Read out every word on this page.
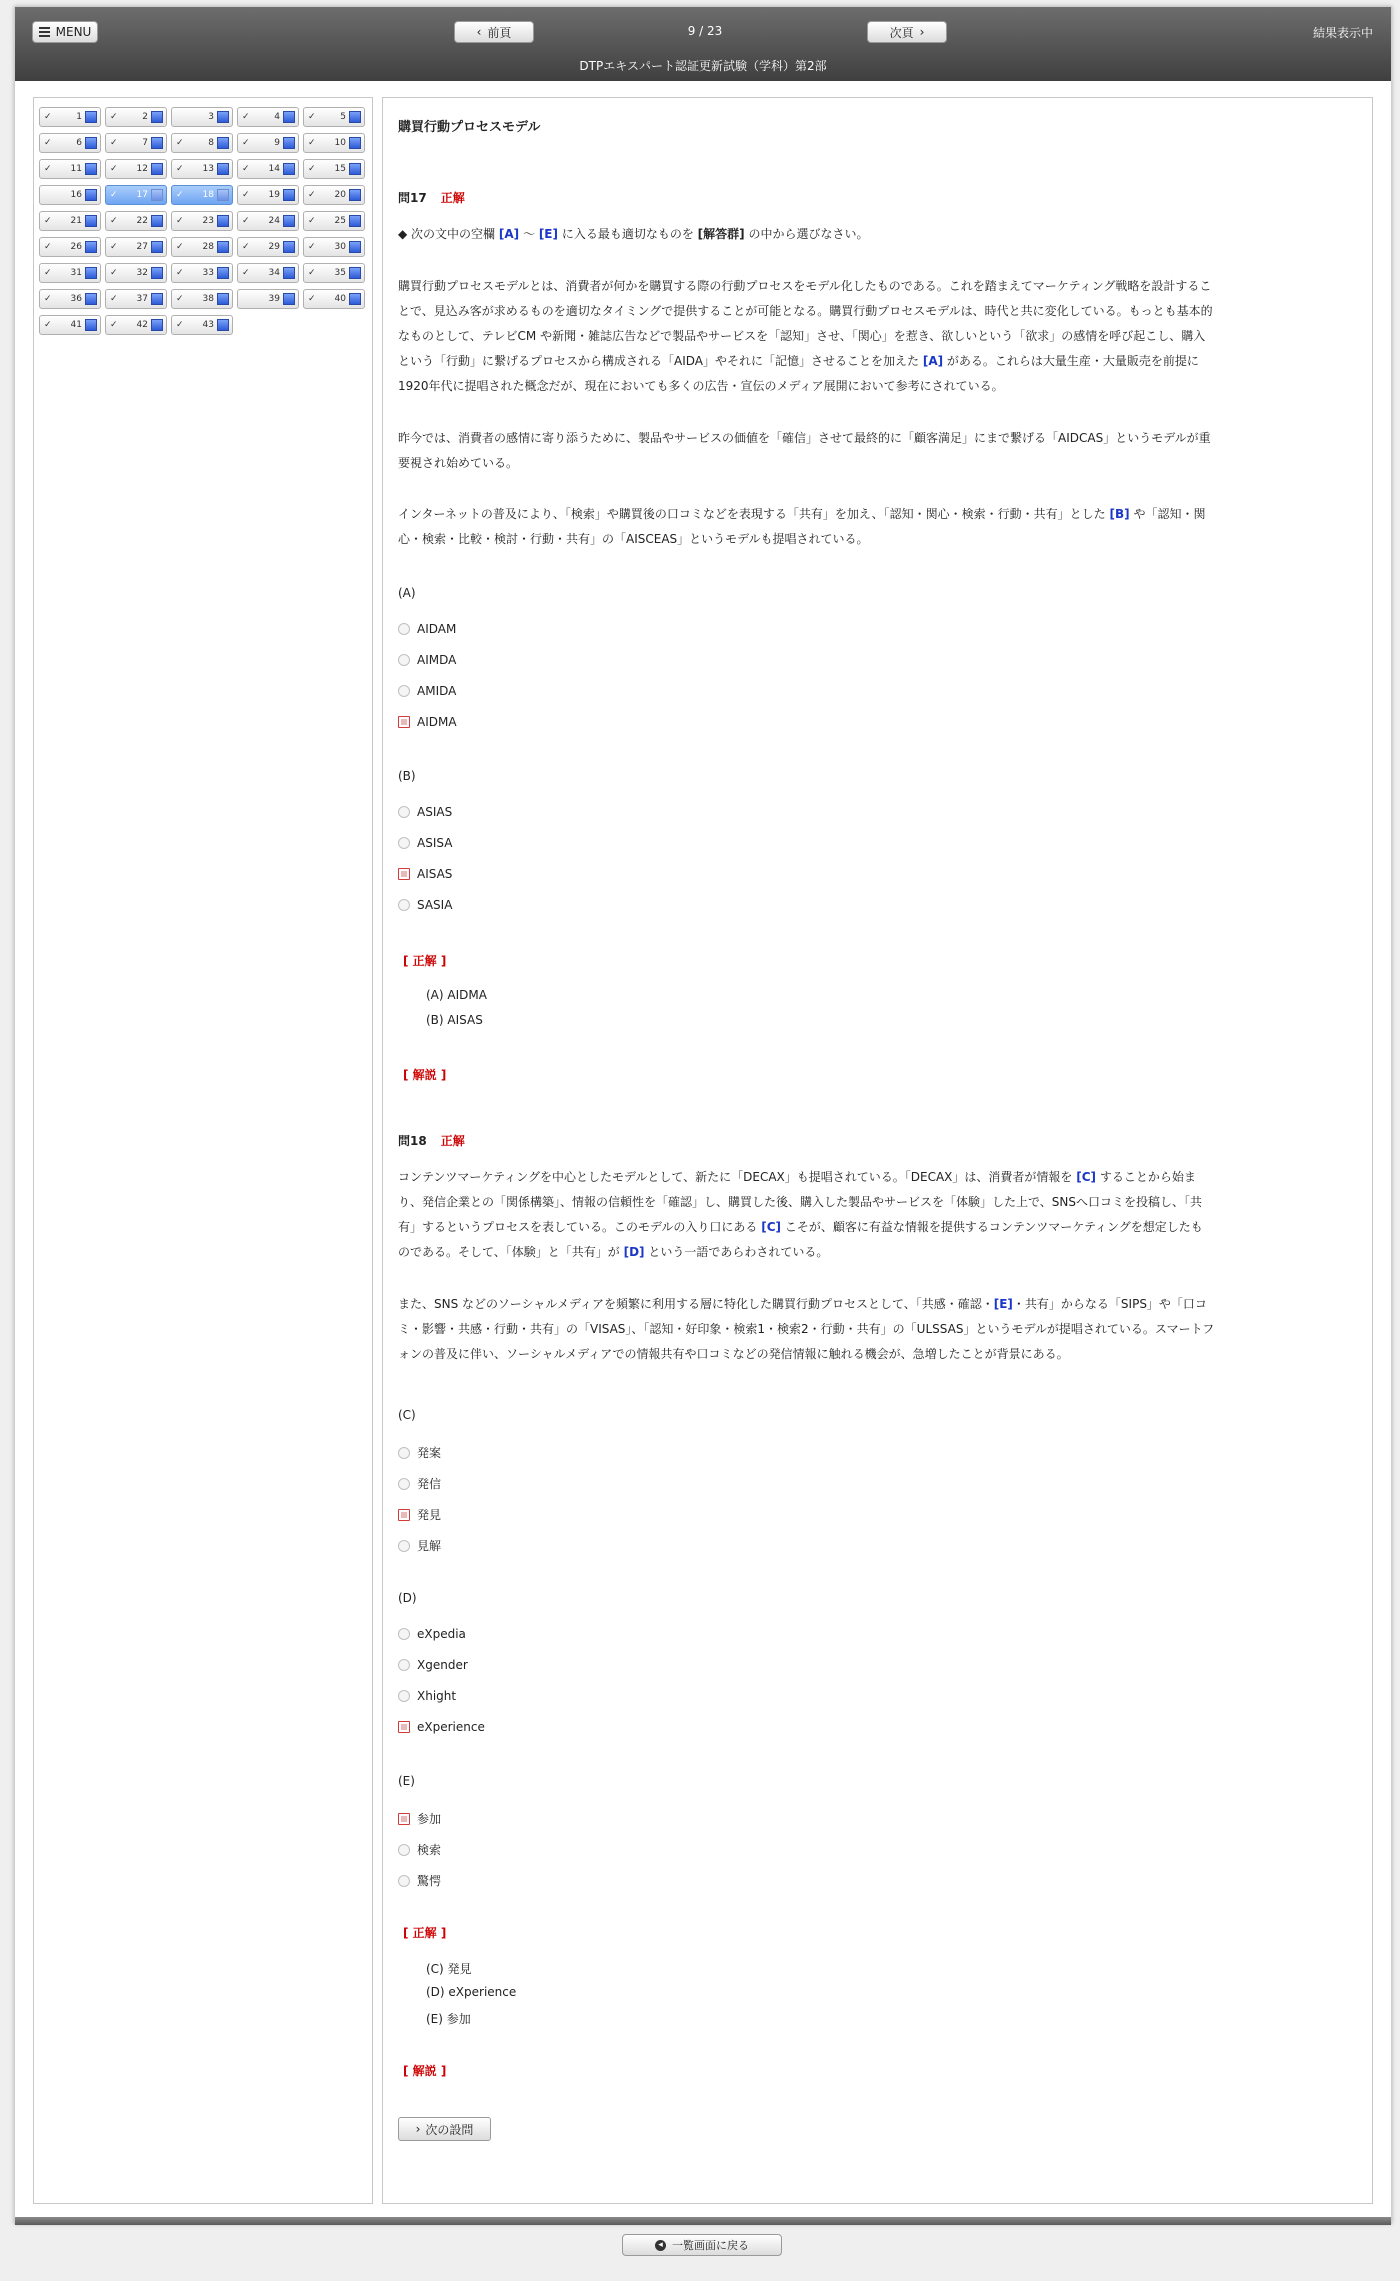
MENU	‹ 前頁	9 / 23	次頁 ›	結果表示中
DTPエキスパート認証更新試験（学科）第2部
✓	1	✓	2	3	✓	4	✓	5
✓	6	✓	7	✓	8	✓	9	✓ 10
✓ 11	✓ 12	✓ 13	✓ 14	✓ 15
16	✓ 17	✓ 18	✓ 19	✓ 20
✓ 21	✓ 22	✓ 23	✓ 24	✓ 25
✓ 26	✓ 27	✓ 28	✓ 29	✓ 30
✓ 31	✓ 32	✓ 33	✓ 34	✓ 35
✓ 36	✓ 37	✓ 38	39	✓ 40
✓ 41	✓ 42	✓ 43
購買行動プロセスモデル
問17 正解
◆ 次の文中の空欄 [A] 〜 [E] に入る最も適切なものを [解答群] の中から選びなさい。
購買行動プロセスモデルとは、消費者が何かを購買する際の行動プロセスをモデル化したものである。これを踏まえてマーケティング戦略を設計するこ
とで、見込み客が求めるものを適切なタイミングで提供することが可能となる。購買行動プロセスモデルは、時代と共に変化している。もっとも基本的
なものとして、テレビCM や新聞・雑誌広告などで製品やサービスを「認知」させ、「関心」を惹き、欲しいという「欲求」の感情を呼び起こし、購入
という「行動」に繋げるプロセスから構成される「AIDA」やそれに「記憶」させることを加えた [A] がある。これらは大量生産・大量販売を前提に
1920年代に提唱された概念だが、現在においても多くの広告・宣伝のメディア展開において参考にされている。
昨今では、消費者の感情に寄り添うために、製品やサービスの価値を「確信」させて最終的に「顧客満足」にまで繋げる「AIDCAS」というモデルが重
要視され始めている。
インターネットの普及により、「検索」や購買後の口コミなどを表現する「共有」を加え、「認知・関心・検索・行動・共有」とした [B] や「認知・関
心・検索・比較・検討・行動・共有」の「AISCEAS」というモデルも提唱されている。
(A)
AIDAM
AIMDA
AMIDA
AIDMA
(B)
ASIAS
ASISA
AISAS
SASIA
[ 正解 ]
(A) AIDMA
(B) AISAS
[ 解説 ]
問18 正解
コンテンツマーケティングを中心としたモデルとして、新たに「DECAX」も提唱されている。「DECAX」は、消費者が情報を [C] することから始ま
り、発信企業との「関係構築」、情報の信頼性を「確認」し、購買した後、購入した製品やサービスを「体験」した上で、SNSへ口コミを投稿し、「共
有」するというプロセスを表している。このモデルの入り口にある [C] こそが、顧客に有益な情報を提供するコンテンツマーケティングを想定したも
のである。そして、「体験」と「共有」が [D] という一語であらわされている。
また、SNS などのソーシャルメディアを頻繁に利用する層に特化した購買行動プロセスとして、「共感・確認・[E]・共有」からなる「SIPS」や「口コ
ミ・影響・共感・行動・共有」の「VISAS」、「認知・好印象・検索1・検索2・行動・共有」の「ULSSAS」というモデルが提唱されている。スマートフ
ォンの普及に伴い、ソーシャルメディアでの情報共有や口コミなどの発信情報に触れる機会が、急増したことが背景にある。
(C)
発案
発信
発見
見解
(D)
eXpedia
Xgender
Xhight
eXperience
(E)
参加
検索
驚愕
[ 正解 ]
(C) 発見
(D) eXperience
(E) 参加
[ 解説 ]
› 次の設問
◂ 一覧画面に戻る
